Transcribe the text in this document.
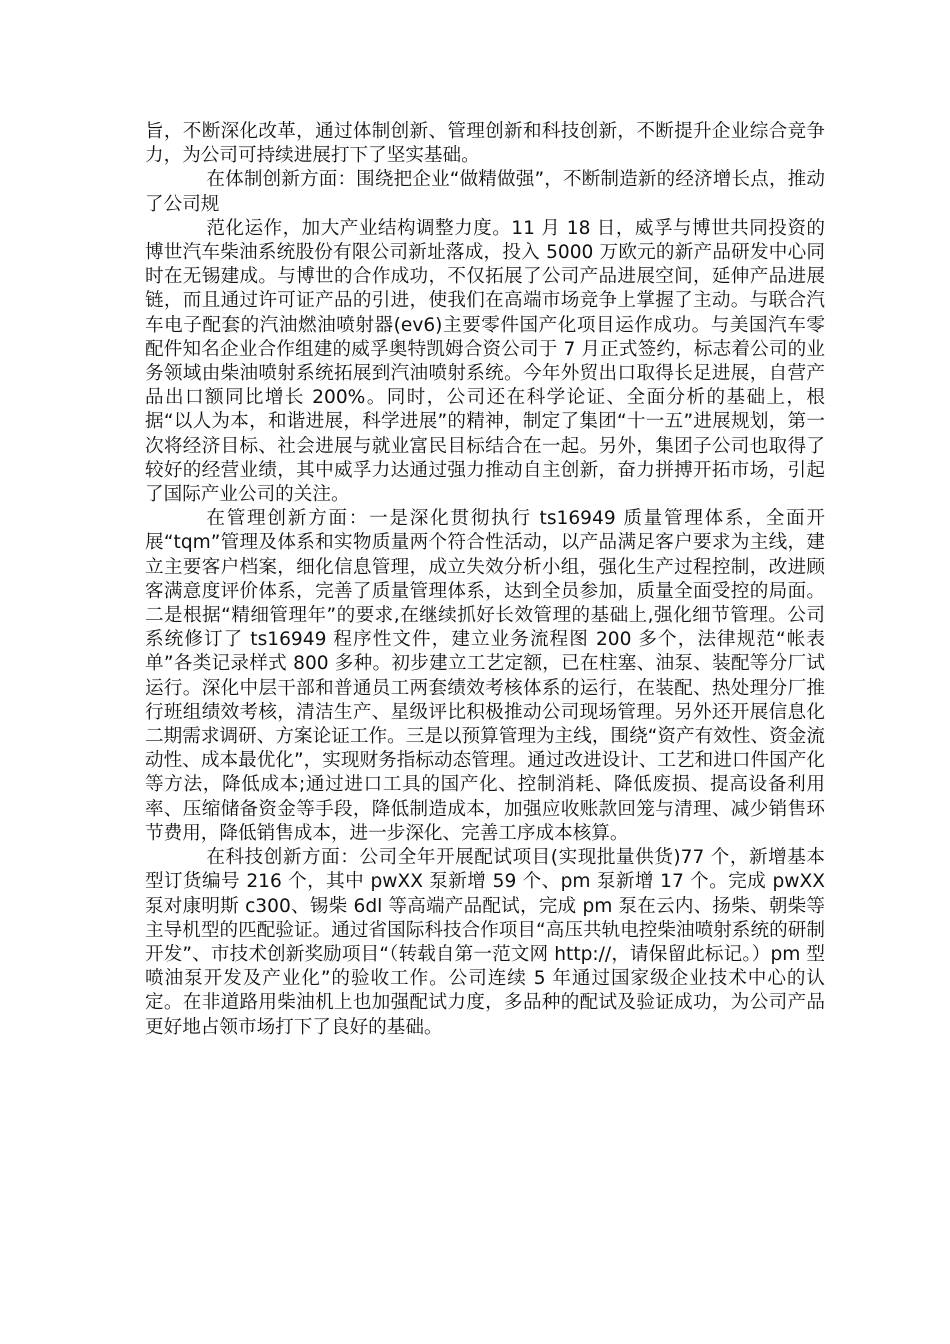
旨，不断深化改革，通过体制创新、管理创新和科技创新，不断提升企业综合竞争力，为公司可持续进展打下了坚实基础。

在体制创新方面：围绕把企业“做精做强”，不断制造新的经济增长点，推动了公司规

范化运作，加大产业结构调整力度。11 月 18 日，威孚与博世共同投资的博世汽车柴油系统股份有限公司新址落成，投入 5000 万欧元的新产品研发中心同时在无锡建成。与博世的合作成功，不仅拓展了公司产品进展空间，延伸产品进展链，而且通过许可证产品的引进，使我们在高端市场竞争上掌握了主动。与联合汽车电子配套的汽油燃油喷射器(ev6)主要零件国产化项目运作成功。与美国汽车零配件知名企业合作组建的威孚奥特凯姆合资公司于 7 月正式签约，标志着公司的业务领域由柴油喷射系统拓展到汽油喷射系统。今年外贸出口取得长足进展，自营产品出口额同比增长 200%。同时，公司还在科学论证、全面分析的基础上，根据“以人为本，和谐进展，科学进展”的精神，制定了集团“十一五”进展规划，第一次将经济目标、社会进展与就业富民目标结合在一起。另外，集团子公司也取得了较好的经营业绩，其中威孚力达通过强力推动自主创新，奋力拼搏开拓市场，引起了国际产业公司的关注。

在管理创新方面：一是深化贯彻执行 ts16949 质量管理体系，全面开展“tqm”管理及体系和实物质量两个符合性活动，以产品满足客户要求为主线，建立主要客户档案，细化信息管理，成立失效分析小组，强化生产过程控制，改进顾客满意度评价体系，完善了质量管理体系，达到全员参加，质量全面受控的局面。二是根据“精细管理年”的要求,在继续抓好长效管理的基础上,强化细节管理。公司系统修订了 ts16949 程序性文件，建立业务流程图 200 多个，法律规范“帐表单”各类记录样式 800 多种。初步建立工艺定额，已在柱塞、油泵、装配等分厂试运行。深化中层干部和普通员工两套绩效考核体系的运行，在装配、热处理分厂推行班组绩效考核，清洁生产、星级评比积极推动公司现场管理。另外还开展信息化二期需求调研、方案论证工作。三是以预算管理为主线，围绕“资产有效性、资金流动性、成本最优化”，实现财务指标动态管理。通过改进设计、工艺和进口件国产化等方法，降低成本;通过进口工具的国产化、控制消耗、降低废损、提高设备利用率、压缩储备资金等手段，降低制造成本，加强应收账款回笼与清理、减少销售环节费用，降低销售成本，进一步深化、完善工序成本核算。

在科技创新方面：公司全年开展配试项目(实现批量供货)77 个，新增基本型订货编号 216 个，其中 pwXX 泵新增 59 个、pm 泵新增 17 个。完成 pwXX 泵对康明斯 c300、锡柴 6dl 等高端产品配试，完成 pm 泵在云内、扬柴、朝柴等主导机型的匹配验证。通过省国际科技合作项目“高压共轨电控柴油喷射系统的研制开发”、市技术创新奖励项目“（转载自第一范文网 http://，请保留此标记。）pm 型喷油泵开发及产业化”的验收工作。公司连续 5 年通过国家级企业技术中心的认定。在非道路用柴油机上也加强配试力度，多品种的配试及验证成功，为公司产品更好地占领市场打下了良好的基础。
